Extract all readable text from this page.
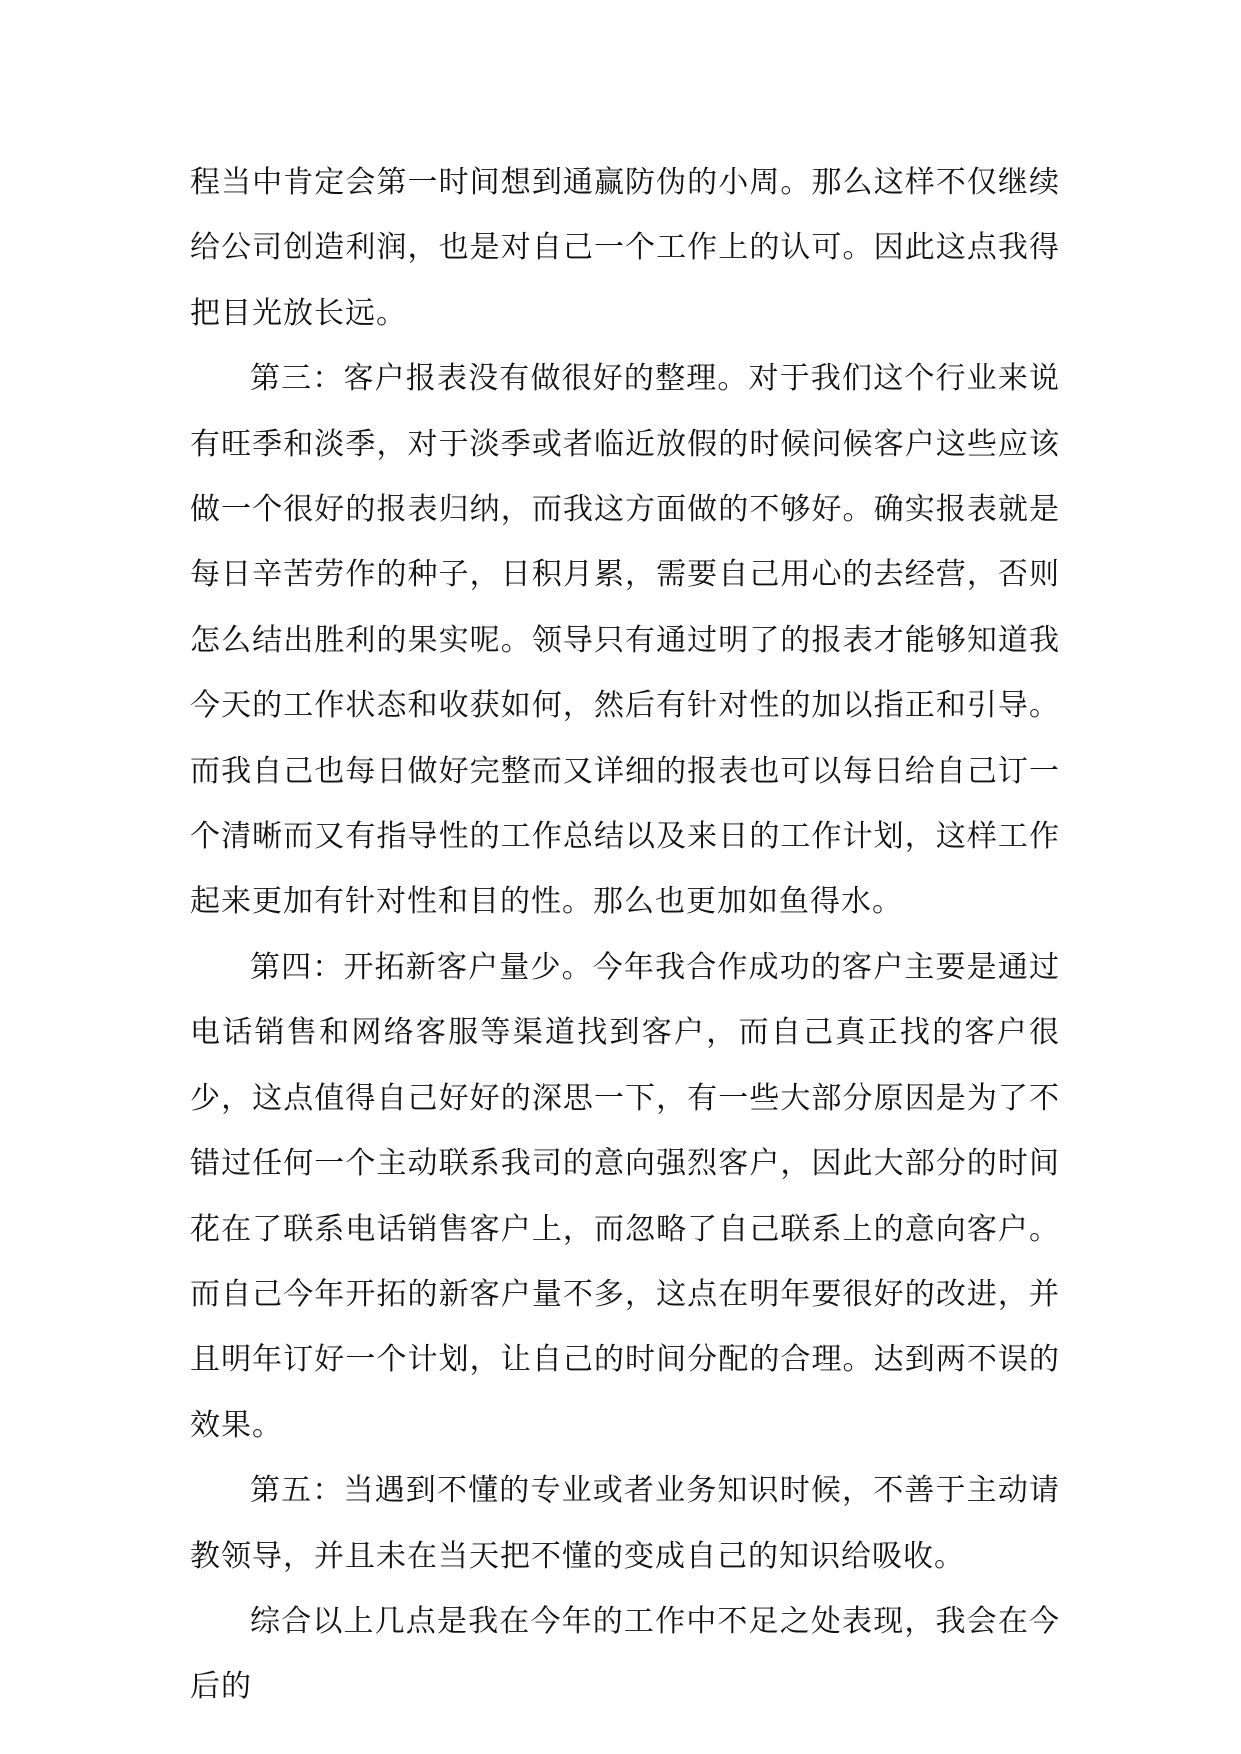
程当中肯定会第一时间想到通赢防伪的小周。那么这样不仅继续给公司创造利润，也是对自己一个工作上的认可。因此这点我得把目光放长远。

第三：客户报表没有做很好的整理。对于我们这个行业来说有旺季和淡季，对于淡季或者临近放假的时候问候客户这些应该做一个很好的报表归纳，而我这方面做的不够好。确实报表就是每日辛苦劳作的种子，日积月累，需要自己用心的去经营，否则怎么结出胜利的果实呢。领导只有通过明了的报表才能够知道我今天的工作状态和收获如何，然后有针对性的加以指正和引导。而我自己也每日做好完整而又详细的报表也可以每日给自己订一个清晰而又有指导性的工作总结以及来日的工作计划，这样工作起来更加有针对性和目的性。那么也更加如鱼得水。

第四：开拓新客户量少。今年我合作成功的客户主要是通过电话销售和网络客服等渠道找到客户，而自己真正找的客户很少，这点值得自己好好的深思一下，有一些大部分原因是为了不错过任何一个主动联系我司的意向强烈客户，因此大部分的时间花在了联系电话销售客户上，而忽略了自己联系上的意向客户。而自己今年开拓的新客户量不多，这点在明年要很好的改进，并且明年订好一个计划，让自己的时间分配的合理。达到两不误的效果。

第五：当遇到不懂的专业或者业务知识时候，不善于主动请教领导，并且未在当天把不懂的变成自己的知识给吸收。

综合以上几点是我在今年的工作中不足之处表现，我会在今后的
